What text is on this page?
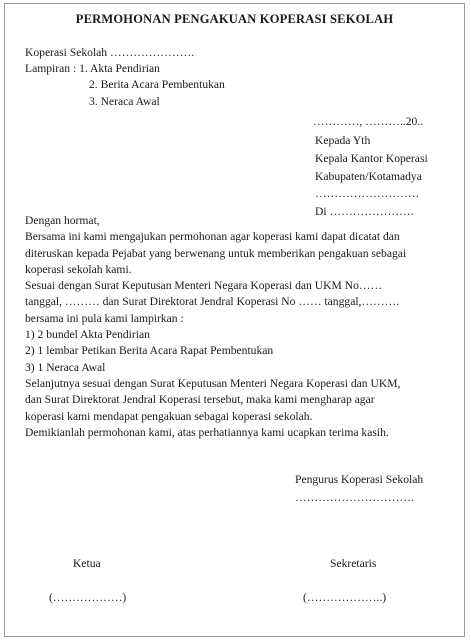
PERMOHONAN PENGAKUAN KOPERASI SEKOLAH
Koperasi Sekolah ………………….
Lampiran : 1. Akta Pendirian
2. Berita Acara Pembentukan
3. Neraca Awal
…………, ………..20..
Kepada Yth
Kepala Kantor Koperasi
Kabupaten/Kotamadya
………………………
Di ………………….
Dengan hormat,
Bersama ini kami mengajukan permohonan agar koperasi kami dapat dicatat dan
diteruskan kepada Pejabat yang berwenang untuk memberikan pengakuan sebagai
koperasi sekolah kami.
Sesuai dengan Surat Keputusan Menteri Negara Koperasi dan UKM No……
tanggal, ……… dan Surat Direktorat Jendral Koperasi No …… tanggal,……….
bersama ini pula kami lampirkan :
1) 2 bundel Akta Pendirian
2) 1 lembar Petikan Berita Acara Rapat Pembentukan
3) 1 Neraca Awal
Selanjutnya sesuai dengan Surat Keputusan Menteri Negara Koperasi dan UKM,
dan Surat Direktorat Jendral Koperasi tersebut, maka kami mengharap agar
koperasi kami mendapat pengakuan sebagai koperasi sekolah.
Demikianlah permohonan kami, atas perhatiannya kami ucapkan terima kasih.
Pengurus Koperasi Sekolah
………………………….
Ketua	Sekretaris
(………………)	(………………..)
